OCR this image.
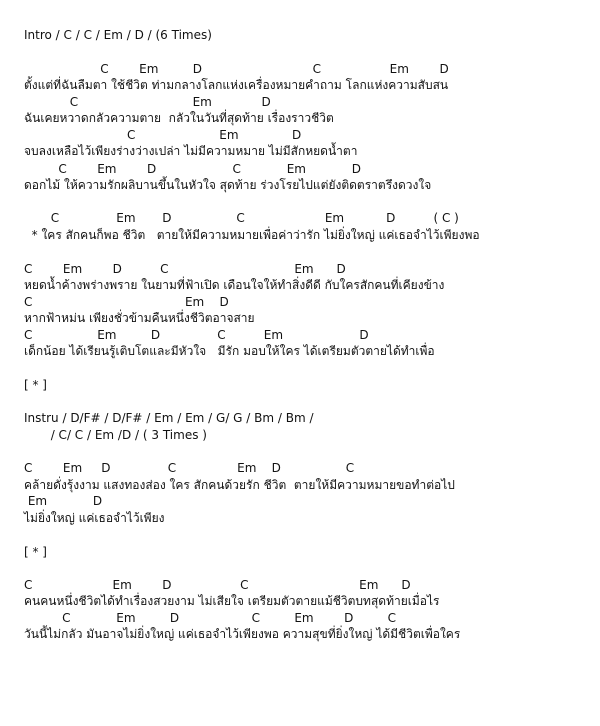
Intro / C / C / Em / D / (6 Times)
C        Em         D                             C                  Em        D
ตั้งแต่ที่ฉันลืมตา ใช้ชีวิต ท่ามกลางโลกแห่งเครื่องหมายคำถาม โลกแห่งความสับสน
C                              Em             D
ฉันเคยหวาดกลัวความตาย  กลัวในวันที่สุดท้าย เรื่องราวชีวิต
C                      Em              D
จบลงเหลือไว้เพียงร่างว่างเปล่า ไม่มีความหมาย ไม่มีสักหยดน้ำตา
C        Em        D                    C            Em            D
ดอกไม้ ให้ความรักผลิบานขึ้นในหัวใจ สุดท้าย ร่วงโรยไปแต่ยังติดตราตรึงดวงใจ
C               Em       D                 C                     Em           D          ( C )
* ใคร สักคนก็พอ ชีวิต   ตายให้มีความหมายเพื่อค่าว่ารัก ไม่ยิ่งใหญ่ แค่เธอจำไว้เพียงพอ
C        Em        D          C                                 Em      D
หยดน้ำค้างพร่างพราย ในยามที่ฟ้าเปิด เดือนใจให้ทำสิ่งดีดี กับใครสักคนที่เคียงข้าง
C                                        Em    D
หากฟ้าหม่น เพียงชั่วข้ามคืนหนึ่งชีวิตอาจสาย
C                 Em         D               C          Em                    D
เด็กน้อย ได้เรียนรู้เติบโตและมีหัวใจ   มีรัก มอบให้ใคร ได้เตรียมตัวตายได้ทำเพื่อ
[ * ]
Instru / D/F# / D/F# / Em / Em / G/ G / Bm / Bm /
/ C/ C / Em /D / ( 3 Times )
C        Em     D               C                Em    D                 C
คล้ายดั่งรุ้งงาม แสงทองส่อง ใคร สักคนด้วยรัก ชีวิต  ตายให้มีความหมายขอทำต่อไป
Em            D
ไม่ยิ่งใหญ่ แค่เธอจำไว้เพียง
[ * ]
C                     Em        D                  C                             Em      D
คนคนหนึ่งชีวิตได้ทำเรื่องสวยงาม ไม่เสียใจ เตรียมตัวตายแม้ชีวิตบทสุดท้ายเมื่อไร
C            Em         D                   C         Em        D         C
วันนี้ไม่กลัว มันอาจไม่ยิ่งใหญ่ แค่เธอจำไว้เพียงพอ ความสุขที่ยิ่งใหญ่ ได้มีชีวิตเพื่อใคร
